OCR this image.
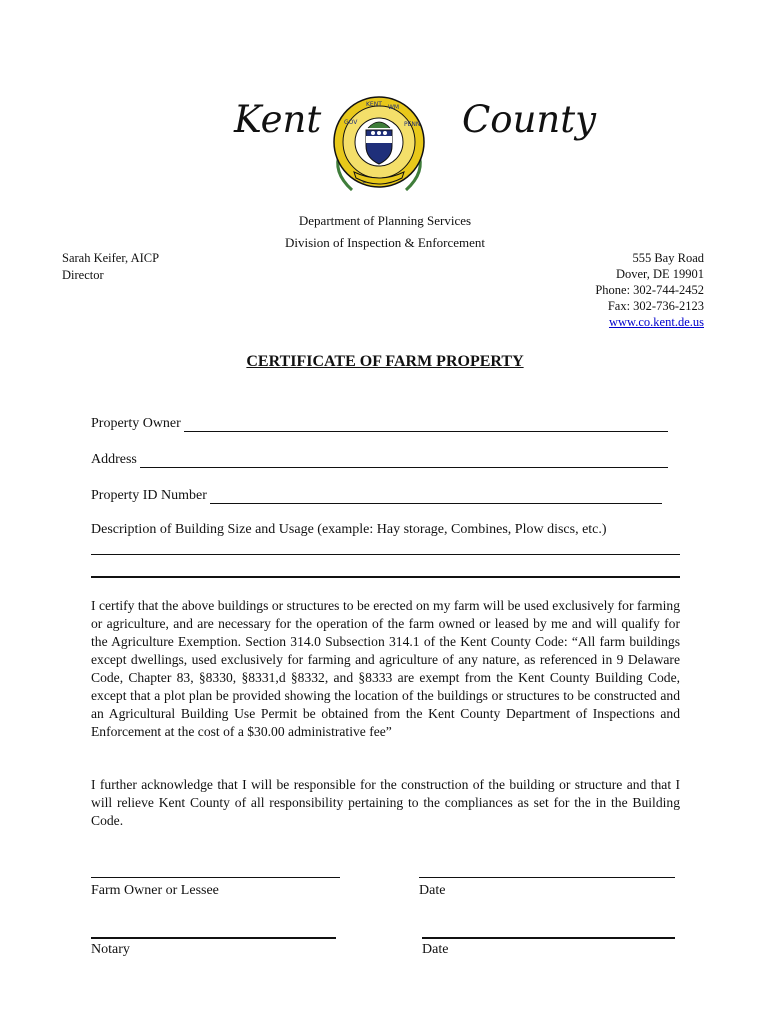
Kent	County
KENT WM
GOV	PENN
Department of Planning Services
Division of Inspection & Enforcement
Sarah Keifer, AICP
Director
555 Bay Road
Dover, DE 19901
Phone: 302-744-2452
Fax: 302-736-2123
www.co.kent.de.us
CERTIFICATE OF FARM PROPERTY
Property Owner
Address
Property ID Number
Description of Building Size and Usage (example: Hay storage, Combines, Plow discs, etc.)
I certify that the above buildings or structures to be erected on my farm will be used exclusively for farming or agriculture, and are necessary for the operation of the farm owned or leased by me and will qualify for the Agriculture Exemption. Section 314.0 Subsection 314.1 of the Kent County Code: “All farm buildings except dwellings, used exclusively for farming and agriculture of any nature, as referenced in 9 Delaware Code, Chapter 83, §8330, §8331,d §8332, and §8333 are exempt from the Kent County Building Code, except that a plot plan be provided showing the location of the buildings or structures to be constructed and an Agricultural Building Use Permit be obtained from the Kent County Department of Inspections and Enforcement at the cost of a $30.00 administrative fee”
I further acknowledge that I will be responsible for the construction of the building or structure and that I will relieve Kent County of all responsibility pertaining to the compliances as set for the in the Building Code.
Farm Owner or Lessee	Date
Notary	Date
